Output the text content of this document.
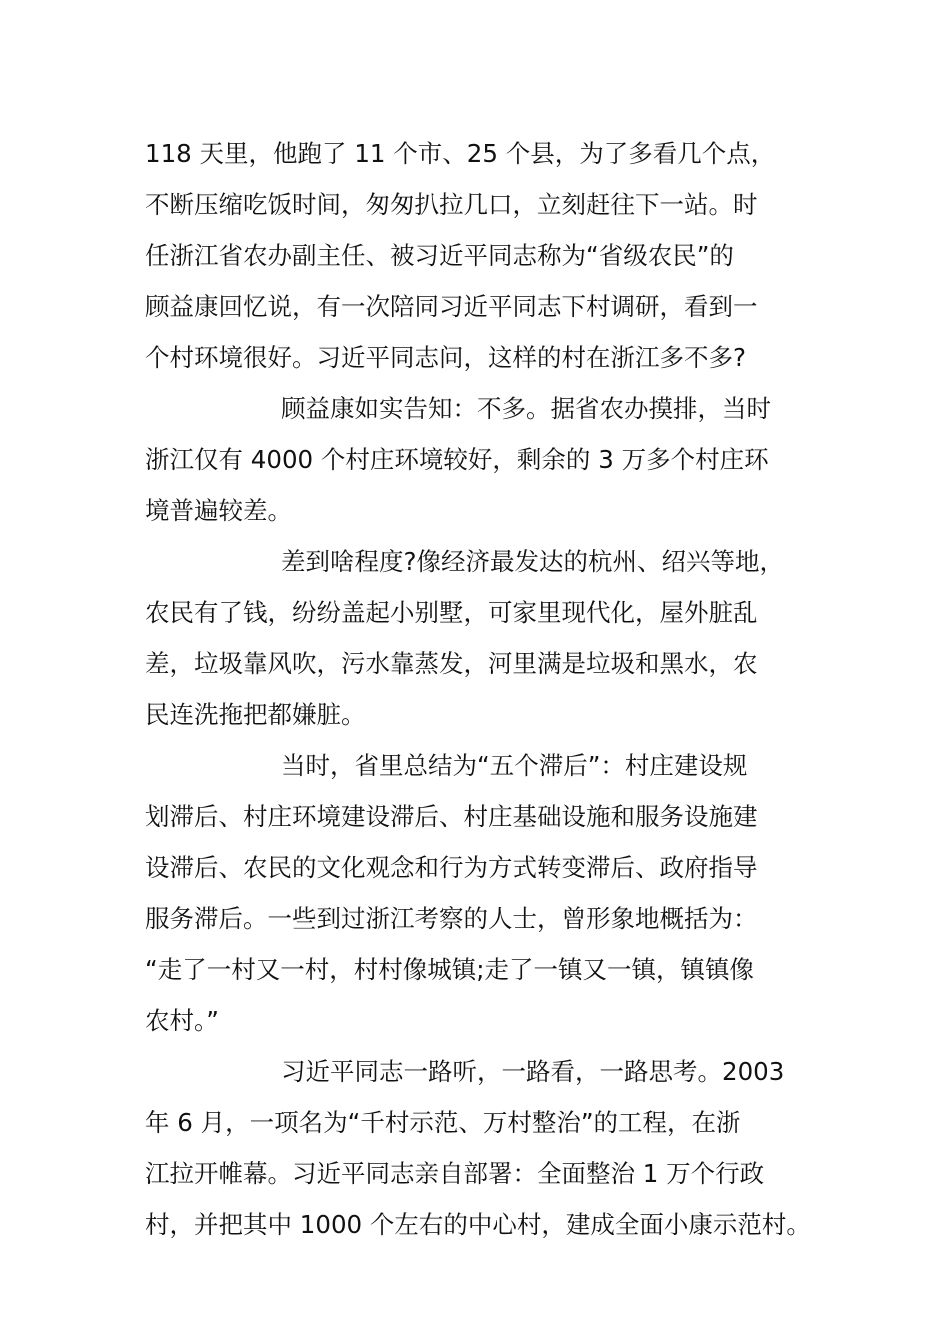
118 天里，他跑了 11 个市、25 个县，为了多看几个点，
不断压缩吃饭时间，匆匆扒拉几口，立刻赶往下一站。时
任浙江省农办副主任、被习近平同志称为“省级农民”的
顾益康回忆说，有一次陪同习近平同志下村调研，看到一
个村环境很好。习近平同志问，这样的村在浙江多不多?
顾益康如实告知：不多。据省农办摸排，当时
浙江仅有 4000 个村庄环境较好，剩余的 3 万多个村庄环
境普遍较差。
差到啥程度?像经济最发达的杭州、绍兴等地，
农民有了钱，纷纷盖起小别墅，可家里现代化，屋外脏乱
差，垃圾靠风吹，污水靠蒸发，河里满是垃圾和黑水，农
民连洗拖把都嫌脏。
当时，省里总结为“五个滞后”：村庄建设规
划滞后、村庄环境建设滞后、村庄基础设施和服务设施建
设滞后、农民的文化观念和行为方式转变滞后、政府指导
服务滞后。一些到过浙江考察的人士，曾形象地概括为：
“走了一村又一村，村村像城镇;走了一镇又一镇，镇镇像
农村。”
习近平同志一路听，一路看，一路思考。2003
年 6 月，一项名为“千村示范、万村整治”的工程，在浙
江拉开帷幕。习近平同志亲自部署：全面整治 1 万个行政
村，并把其中 1000 个左右的中心村，建成全面小康示范村。
